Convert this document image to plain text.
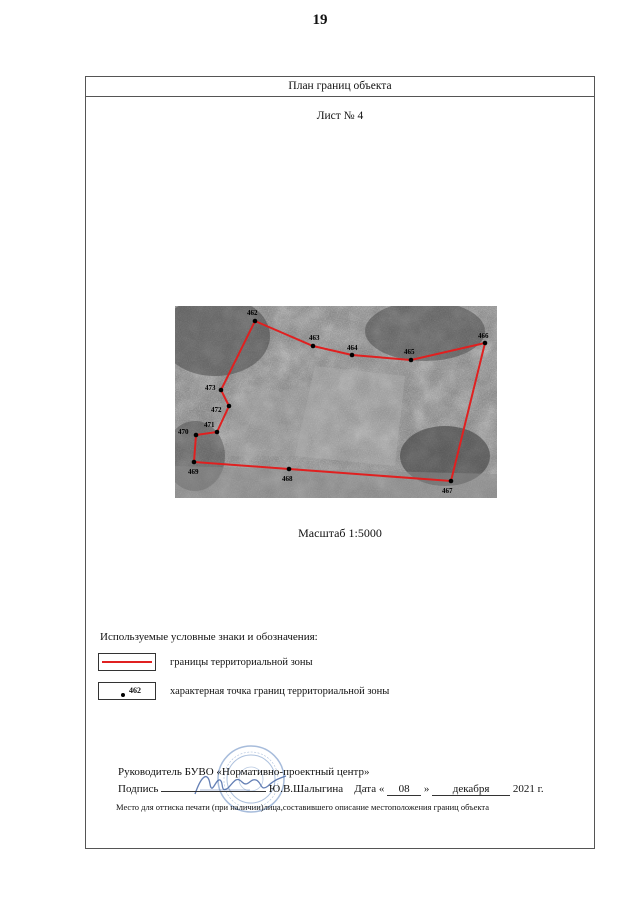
19
План границ объекта
Лист № 4
462
463
464	465
466
467
468
469
470
471
472
473
Масштаб 1:5000
Используемые условные знаки и обозначения:
границы территориальной зоны
462	характерная точка границ территориальной зоны
Руководитель БУВО «Нормативно-проектный центр»
Подпись	Ю.В.Шалыгина Дата « 08 » декабря 2021 г.
Место для оттиска печати (при наличии)лица,составившего описание местоположения границ объекта
